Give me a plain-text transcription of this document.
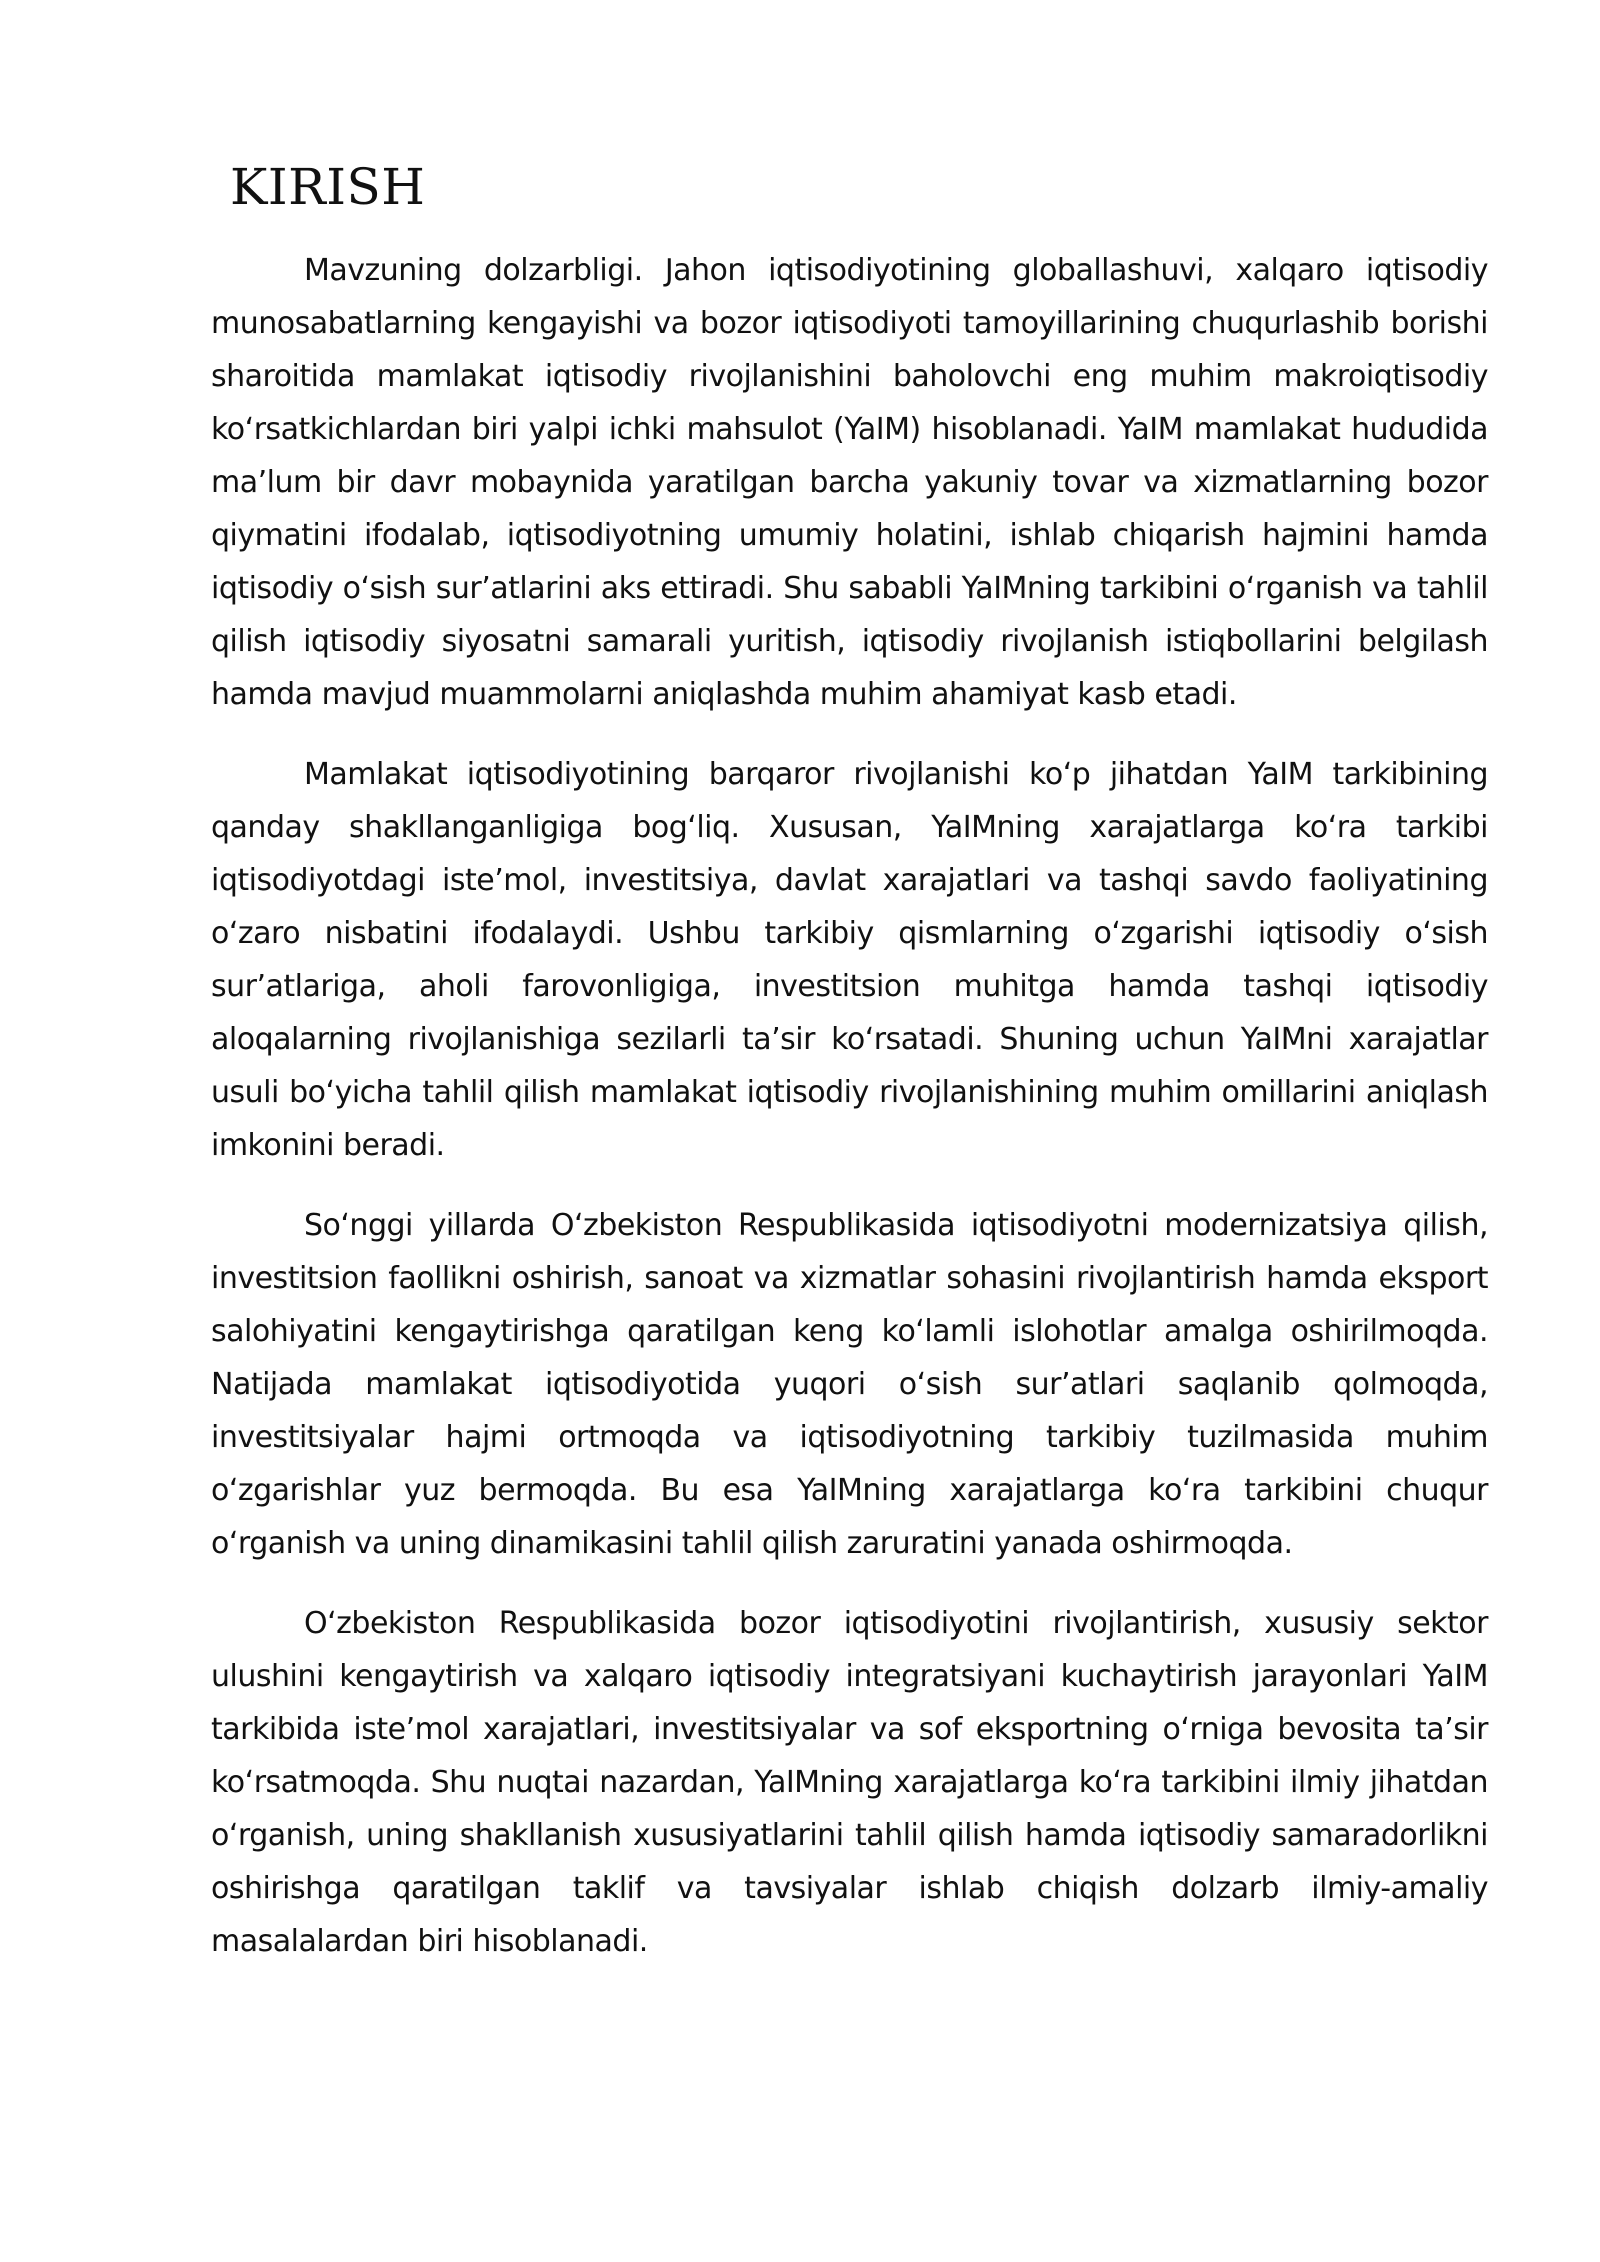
KIRISH

Mavzuning dolzarbligi. Jahon iqtisodiyotining globallashuvi, xalqaro iqtisodiy munosabatlarning kengayishi va bozor iqtisodiyoti tamoyillarining chuqurlashib borishi sharoitida mamlakat iqtisodiy rivojlanishini baholovchi eng muhim makroiqtisodiy ko‘rsatkichlardan biri yalpi ichki mahsulot (YaIM) hisoblanadi. YaIM mamlakat hududida ma’lum bir davr mobaynida yaratilgan barcha yakuniy tovar va xizmatlarning bozor qiymatini ifodalab, iqtisodiyotning umumiy holatini, ishlab chiqarish hajmini hamda iqtisodiy o‘sish sur’atlarini aks ettiradi. Shu sababli YaIMning tarkibini o‘rganish va tahlil qilish iqtisodiy siyosatni samarali yuritish, iqtisodiy rivojlanish istiqbollarini belgilash hamda mavjud muammolarni aniqlashda muhim ahamiyat kasb etadi.

Mamlakat iqtisodiyotining barqaror rivojlanishi ko‘p jihatdan YaIM tarkibining qanday shakllanganligiga bog‘liq. Xususan, YaIMning xarajatlarga ko‘ra tarkibi iqtisodiyotdagi iste’mol, investitsiya, davlat xarajatlari va tashqi savdo faoliyatining o‘zaro nisbatini ifodalaydi. Ushbu tarkibiy qismlarning o‘zgarishi iqtisodiy o‘sish sur’atlariga, aholi farovonligiga, investitsion muhitga hamda tashqi iqtisodiy aloqalarning rivojlanishiga sezilarli ta’sir ko‘rsatadi. Shuning uchun YaIMni xarajatlar usuli bo‘yicha tahlil qilish mamlakat iqtisodiy rivojlanishining muhim omillarini aniqlash imkonini beradi.

So‘nggi yillarda O‘zbekiston Respublikasida iqtisodiyotni modernizatsiya qilish, investitsion faollikni oshirish, sanoat va xizmatlar sohasini rivojlantirish hamda eksport salohiyatini kengaytirishga qaratilgan keng ko‘lamli islohotlar amalga oshirilmoqda. Natijada mamlakat iqtisodiyotida yuqori o‘sish sur’atlari saqlanib qolmoqda, investitsiyalar hajmi ortmoqda va iqtisodiyotning tarkibiy tuzilmasida muhim o‘zgarishlar yuz bermoqda. Bu esa YaIMning xarajatlarga ko‘ra tarkibini chuqur o‘rganish va uning dinamikasini tahlil qilish zaruratini yanada oshirmoqda.

O‘zbekiston Respublikasida bozor iqtisodiyotini rivojlantirish, xususiy sektor ulushini kengaytirish va xalqaro iqtisodiy integratsiyani kuchaytirish jarayonlari YaIM tarkibida iste’mol xarajatlari, investitsiyalar va sof eksportning o‘rniga bevosita ta’sir ko‘rsatmoqda. Shu nuqtai nazardan, YaIMning xarajatlarga ko‘ra tarkibini ilmiy jihatdan o‘rganish, uning shakllanish xususiyatlarini tahlil qilish hamda iqtisodiy samaradorlikni oshirishga qaratilgan taklif va tavsiyalar ishlab chiqish dolzarb ilmiy-amaliy masalalardan biri hisoblanadi.
